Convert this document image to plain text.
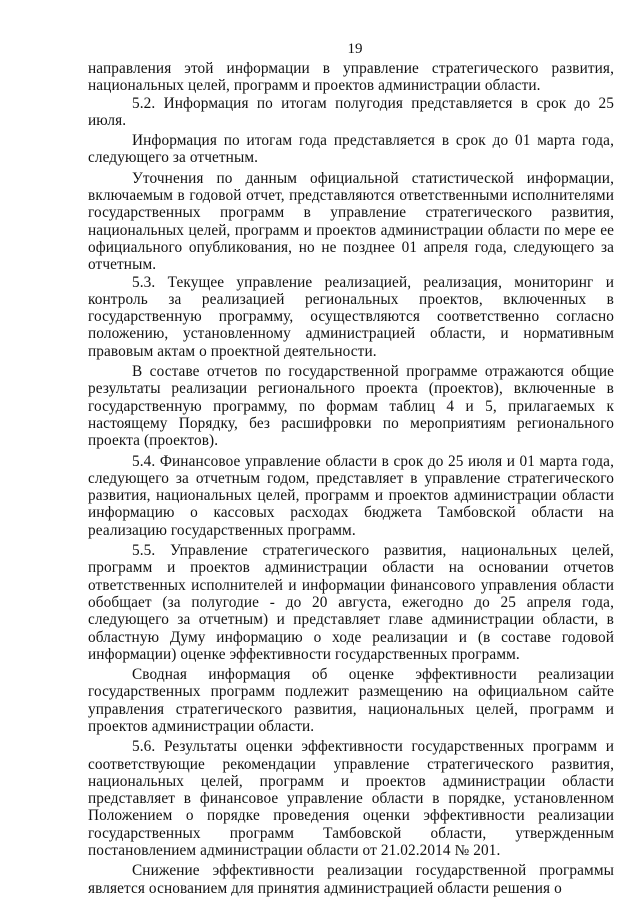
19

направления этой информации в управление стратегического развития, национальных целей, программ и проектов администрации области.

5.2. Информация по итогам полугодия представляется в срок до 25 июля.

Информация по итогам года представляется в срок до 01 марта года, следующего за отчетным.

Уточнения по данным официальной статистической информации, включаемым в годовой отчет, представляются ответственными исполнителями государственных программ в управление стратегического развития, национальных целей, программ и проектов администрации области по мере ее официального опубликования, но не позднее 01 апреля года, следующего за отчетным.

5.3. Текущее управление реализацией, реализация, мониторинг и контроль за реализацией региональных проектов, включенных в государственную программу, осуществляются соответственно согласно положению, установленному администрацией области, и нормативным правовым актам о проектной деятельности.

В составе отчетов по государственной программе отражаются общие результаты реализации регионального проекта (проектов), включенные в государственную программу, по формам таблиц 4 и 5, прилагаемых к настоящему Порядку, без расшифровки по мероприятиям регионального проекта (проектов).

5.4. Финансовое управление области в срок до 25 июля и 01 марта года, следующего за отчетным годом, представляет в управление стратегического развития, национальных целей, программ и проектов администрации области информацию о кассовых расходах бюджета Тамбовской области на реализацию государственных программ.

5.5. Управление стратегического развития, национальных целей, программ и проектов администрации области на основании отчетов ответственных исполнителей и информации финансового управления области обобщает (за полугодие - до 20 августа, ежегодно до 25 апреля года, следующего за отчетным) и представляет главе администрации области, в областную Думу информацию о ходе реализации и (в составе годовой информации) оценке эффективности государственных программ.

Сводная информация об оценке эффективности реализации государственных программ подлежит размещению на официальном сайте управления стратегического развития, национальных целей, программ и проектов администрации области.

5.6. Результаты оценки эффективности государственных программ и соответствующие рекомендации управление стратегического развития, национальных целей, программ и проектов администрации области представляет в финансовое управление области в порядке, установленном Положением о порядке проведения оценки эффективности реализации государственных программ Тамбовской области, утвержденным постановлением администрации области от 21.02.2014 № 201.

Снижение эффективности реализации государственной программы является основанием для принятия администрацией области решения о
